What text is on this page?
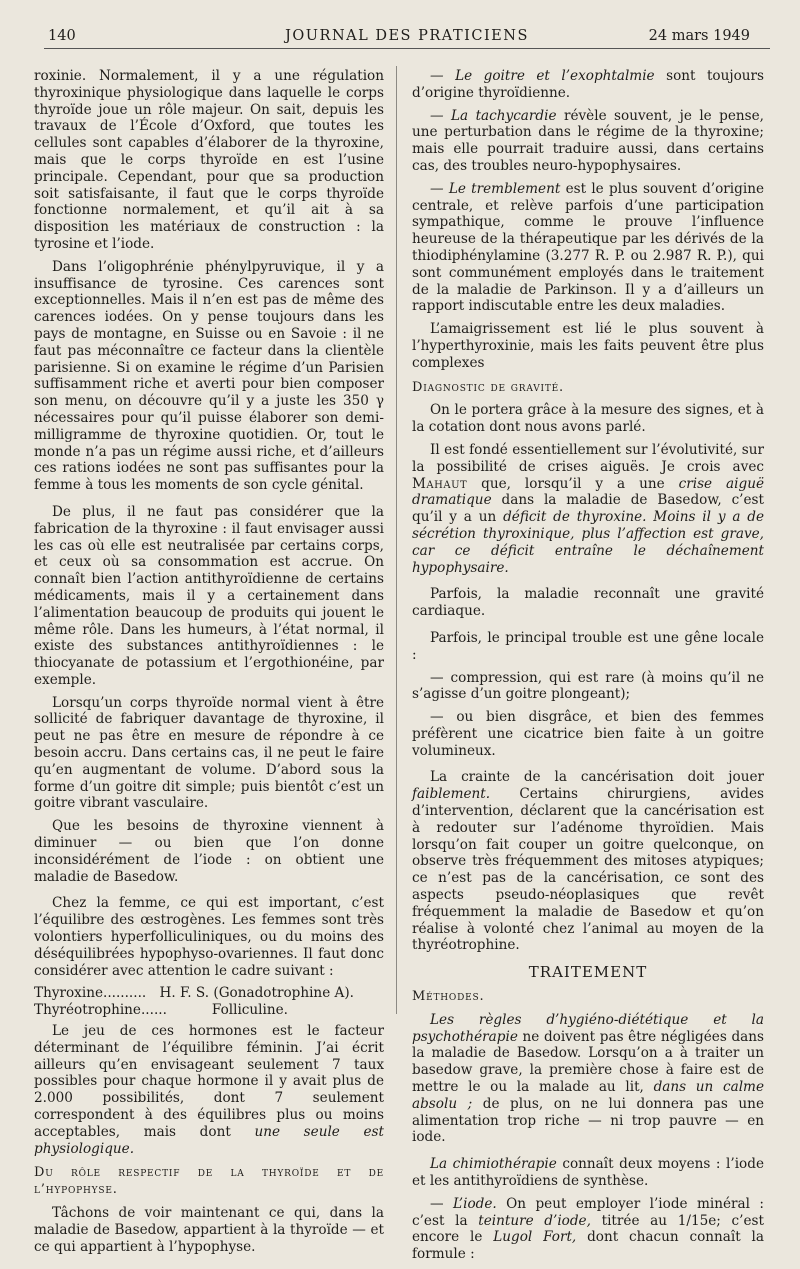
140	JOURNAL DES PRATICIENS	24 mars 1949

roxinie. Normalement, il y a une régulation thyroxinique physiologique dans laquelle le corps thyroïde joue un rôle majeur. On sait, depuis les travaux de l’École d’Oxford, que toutes les cellules sont capables d’élaborer de la thyroxine, mais que le corps thyroïde en est l’usine principale. Cependant, pour que sa production soit satisfaisante, il faut que le corps thyroïde fonctionne normalement, et qu’il ait à sa disposition les matériaux de construction : la tyrosine et l’iode.

Dans l’oligophrénie phénylpyruvique, il y a insuffisance de tyrosine. Ces carences sont exceptionnelles. Mais il n’en est pas de même des carences iodées. On y pense toujours dans les pays de montagne, en Suisse ou en Savoie : il ne faut pas méconnaître ce facteur dans la clientèle parisienne. Si on examine le régime d’un Parisien suffisamment riche et averti pour bien composer son menu, on découvre qu’il y a juste les 350 γ nécessaires pour qu’il puisse élaborer son demi-milligramme de thyroxine quotidien. Or, tout le monde n’a pas un régime aussi riche, et d’ailleurs ces rations iodées ne sont pas suffisantes pour la femme à tous les moments de son cycle génital.

De plus, il ne faut pas considérer que la fabrication de la thyroxine : il faut envisager aussi les cas où elle est neutralisée par certains corps, et ceux où sa consommation est accrue. On connaît bien l’action antithyroïdienne de certains médicaments, mais il y a certainement dans l’alimentation beaucoup de produits qui jouent le même rôle. Dans les humeurs, à l’état normal, il existe des substances antithyroïdiennes : le thiocyanate de potassium et l’ergothionéine, par exemple.

Lorsqu’un corps thyroïde normal vient à être sollicité de fabriquer davantage de thyroxine, il peut ne pas être en mesure de répondre à ce besoin accru. Dans certains cas, il ne peut le faire qu’en augmentant de volume. D’abord sous la forme d’un goitre dit simple; puis bientôt c’est un goitre vibrant vasculaire.

Que les besoins de thyroxine viennent à diminuer — ou bien que l’on donne inconsidérément de l’iode : on obtient une maladie de Basedow.

Chez la femme, ce qui est important, c’est l’équilibre des œstrogènes. Les femmes sont très volontiers hyperfolliculiniques, ou du moins des déséquilibrées hypophyso-ovariennes. Il faut donc considérer avec attention le cadre suivant :

Thyroxine.......... H. F. S. (Gonadotrophine A).
Thyréotrophine......	Folliculine.

Le jeu de ces hormones est le facteur déterminant de l’équilibre féminin. J’ai écrit ailleurs qu’en envisageant seulement 7 taux possibles pour chaque hormone il y avait plus de 2.000 possibilités, dont 7 seulement correspondent à des équilibres plus ou moins acceptables, mais dont une seule est physiologique.

Du rôle respectif de la thyroïde et de l’hypophyse.

Tâchons de voir maintenant ce qui, dans la maladie de Basedow, appartient à la thyroïde — et ce qui appartient à l’hypophyse.

— Le goitre et l’exophtalmie sont toujours d’origine thyroïdienne.

— La tachycardie révèle souvent, je le pense, une perturbation dans le régime de la thyroxine; mais elle pourrait traduire aussi, dans certains cas, des troubles neuro-hypophysaires.

— Le tremblement est le plus souvent d’origine centrale, et relève parfois d’une participation sympathique, comme le prouve l’influence heureuse de la thérapeutique par les dérivés de la thiodiphénylamine (3.277 R. P. ou 2.987 R. P.), qui sont communément employés dans le traitement de la maladie de Parkinson. Il y a d’ailleurs un rapport indiscutable entre les deux maladies.

L’amaigrissement est lié le plus souvent à l’hyperthyroxinie, mais les faits peuvent être plus complexes

Diagnostic de gravité.

On le portera grâce à la mesure des signes, et à la cotation dont nous avons parlé.

Il est fondé essentiellement sur l’évolutivité, sur la possibilité de crises aiguës. Je crois avec Mahaut que, lorsqu’il y a une crise aiguë dramatique dans la maladie de Basedow, c’est qu’il y a un déficit de thyroxine. Moins il y a de sécrétion thyroxinique, plus l’affection est grave, car ce déficit entraîne le déchaînement hypophysaire.

Parfois, la maladie reconnaît une gravité cardiaque.

Parfois, le principal trouble est une gêne locale :

— compression, qui est rare (à moins qu’il ne s’agisse d’un goitre plongeant);

— ou bien disgrâce, et bien des femmes préfèrent une cicatrice bien faite à un goitre volumineux.

La crainte de la cancérisation doit jouer faiblement. Certains chirurgiens, avides d’intervention, déclarent que la cancérisation est à redouter sur l’adénome thyroïdien. Mais lorsqu’on fait couper un goitre quelconque, on observe très fréquemment des mitoses atypiques; ce n’est pas de la cancérisation, ce sont des aspects pseudo-néoplasiques que revêt fréquemment la maladie de Basedow et qu’on réalise à volonté chez l’animal au moyen de la thyréotrophine.

TRAITEMENT
Méthodes.

Les règles d’hygiéno-diététique et la psychothérapie ne doivent pas être négligées dans la maladie de Basedow. Lorsqu’on a à traiter un basedow grave, la première chose à faire est de mettre le ou la malade au lit, dans un calme absolu ; de plus, on ne lui donnera pas une alimentation trop riche — ni trop pauvre — en iode.

La chimiothérapie connaît deux moyens : l’iode et les antithyroïdiens de synthèse.

— L’iode. On peut employer l’iode minéral : c’est la teinture d’iode, titrée au 1/15e; c’est encore le Lugol Fort, dont chacun connaît la formule :
